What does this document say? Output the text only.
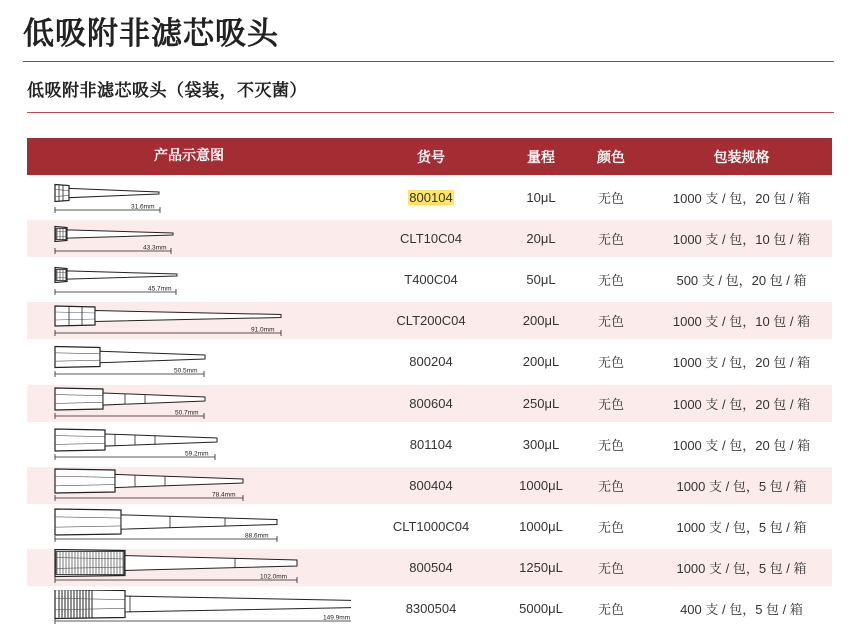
低吸附非滤芯吸头
低吸附非滤芯吸头（袋装，不灭菌）
产品示意图	货号	量程	颜色	包装规格
31.6mm
800104	10μL	无色	1000 支 / 包，20 包 / 箱
43.3mm
CLT10C04	20μL	无色	1000 支 / 包，10 包 / 箱
45.7mm
T400C04	50μL	无色	500 支 / 包，20 包 / 箱
91.0mm
CLT200C04	200μL	无色	1000 支 / 包，10 包 / 箱
50.5mm
800204	200μL	无色	1000 支 / 包，20 包 / 箱
50.7mm
800604	250μL	无色	1000 支 / 包，20 包 / 箱
59.2mm
801104	300μL	无色	1000 支 / 包，20 包 / 箱
78.4mm
800404	1000μL	无色	1000 支 / 包，5 包 / 箱
88.6mm
CLT1000C04	1000μL	无色	1000 支 / 包，5 包 / 箱
102.0mm
800504	1250μL	无色	1000 支 / 包，5 包 / 箱
149.9mm
8300504	5000μL	无色	400 支 / 包，5 包 / 箱
